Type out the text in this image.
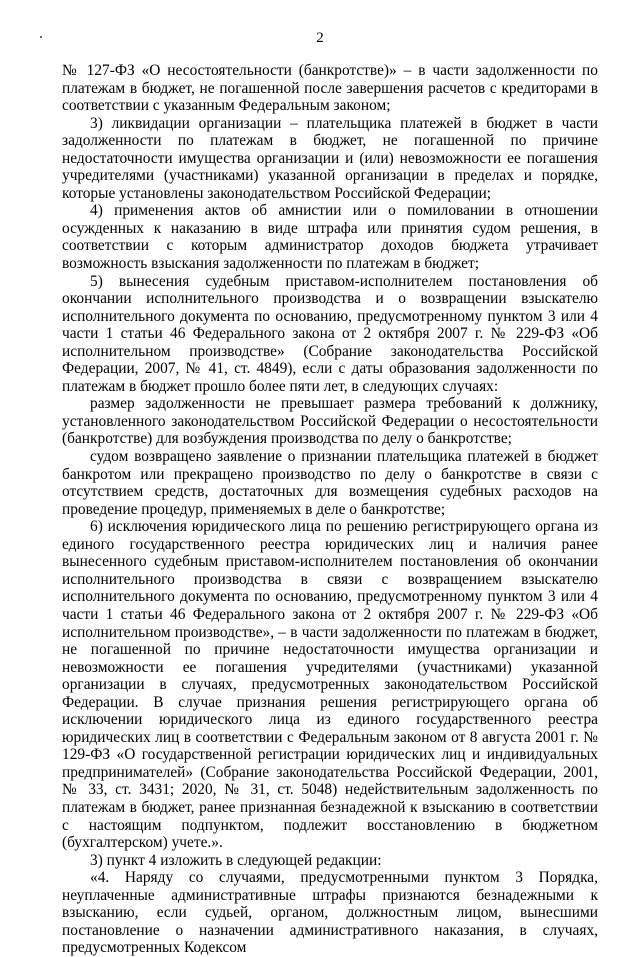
2

№ 127-ФЗ «О несостоятельности (банкротстве)» – в части задолженности по платежам в бюджет, не погашенной после завершения расчетов с кредиторами в соответствии с указанным Федеральным законом;

3) ликвидации организации – плательщика платежей в бюджет в части задолженности по платежам в бюджет, не погашенной по причине недостаточности имущества организации и (или) невозможности ее погашения учредителями (участниками) указанной организации в пределах и порядке, которые установлены законодательством Российской Федерации;

4) применения актов об амнистии или о помиловании в отношении осужденных к наказанию в виде штрафа или принятия судом решения, в соответствии с которым администратор доходов бюджета утрачивает возможность взыскания задолженности по платежам в бюджет;

5) вынесения судебным приставом-исполнителем постановления об окончании исполнительного производства и о возвращении взыскателю исполнительного документа по основанию, предусмотренному пунктом 3 или 4 части 1 статьи 46 Федерального закона от 2 октября 2007 г. № 229-ФЗ «Об исполнительном производстве» (Собрание законодательства Российской Федерации, 2007, № 41, ст. 4849), если с даты образования задолженности по платежам в бюджет прошло более пяти лет, в следующих случаях:

размер задолженности не превышает размера требований к должнику, установленного законодательством Российской Федерации о несостоятельности (банкротстве) для возбуждения производства по делу о банкротстве;

судом возвращено заявление о признании плательщика платежей в бюджет банкротом или прекращено производство по делу о банкротстве в связи с отсутствием средств, достаточных для возмещения судебных расходов на проведение процедур, применяемых в деле о банкротстве;

6) исключения юридического лица по решению регистрирующего органа из единого государственного реестра юридических лиц и наличия ранее вынесенного судебным приставом-исполнителем постановления об окончании исполнительного производства в связи с возвращением взыскателю исполнительного документа по основанию, предусмотренному пунктом 3 или 4 части 1 статьи 46 Федерального закона от 2 октября 2007 г. № 229-ФЗ «Об исполнительном производстве», – в части задолженности по платежам в бюджет, не погашенной по причине недостаточности имущества организации и невозможности ее погашения учредителями (участниками) указанной организации в случаях, предусмотренных законодательством Российской Федерации. В случае признания решения регистрирующего органа об исключении юридического лица из единого государственного реестра юридических лиц в соответствии с Федеральным законом от 8 августа 2001 г. № 129-ФЗ «О государственной регистрации юридических лиц и индивидуальных предпринимателей» (Собрание законодательства Российской Федерации, 2001, № 33, ст. 3431; 2020, № 31, ст. 5048) недействительным задолженность по платежам в бюджет, ранее признанная безнадежной к взысканию в соответствии с настоящим подпунктом, подлежит восстановлению в бюджетном (бухгалтерском) учете.».

3) пункт 4 изложить в следующей редакции:

«4. Наряду со случаями, предусмотренными пунктом 3 Порядка, неуплаченные административные штрафы признаются безнадежными к взысканию, если судьей, органом, должностным лицом, вынесшими постановление о назначении административного наказания, в случаях, предусмотренных Кодексом
